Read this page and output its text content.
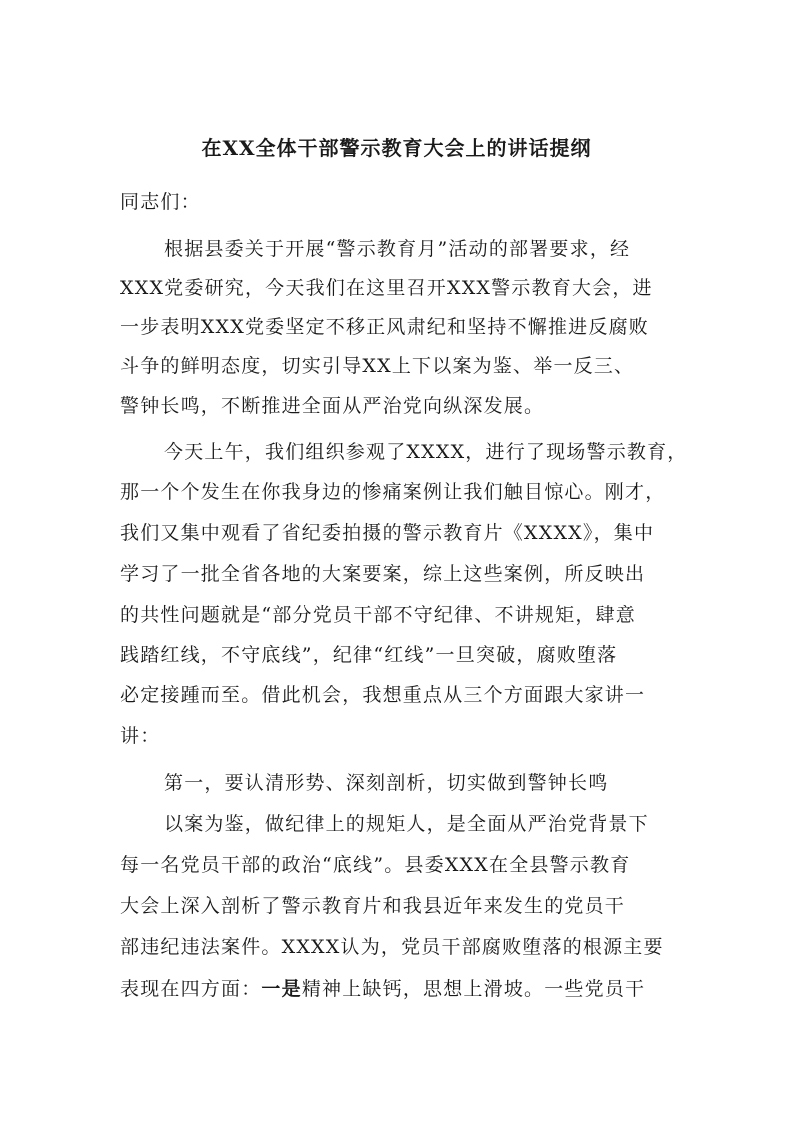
在XX全体干部警示教育大会上的讲话提纲
同志们：
根据县委关于开展“警示教育月”活动的部署要求，经
XXX党委研究，今天我们在这里召开XXX警示教育大会，进
一步表明XXX党委坚定不移正风肃纪和坚持不懈推进反腐败
斗争的鲜明态度，切实引导XX上下以案为鉴、举一反三、
警钟长鸣，不断推进全面从严治党向纵深发展。
今天上午，我们组织参观了XXXX，进行了现场警示教育，
那一个个发生在你我身边的惨痛案例让我们触目惊心。刚才，
我们又集中观看了省纪委拍摄的警示教育片《XXXX》，集中
学习了一批全省各地的大案要案，综上这些案例，所反映出
的共性问题就是“部分党员干部不守纪律、不讲规矩，肆意
践踏红线，不守底线”，纪律“红线”一旦突破，腐败堕落
必定接踵而至。借此机会，我想重点从三个方面跟大家讲一
讲：
第一，要认清形势、深刻剖析，切实做到警钟长鸣
以案为鉴，做纪律上的规矩人，是全面从严治党背景下
每一名党员干部的政治“底线”。县委XXX在全县警示教育
大会上深入剖析了警示教育片和我县近年来发生的党员干
部违纪违法案件。XXXX认为，党员干部腐败堕落的根源主要
表现在四方面：一是精神上缺钙，思想上滑坡。一些党员干
